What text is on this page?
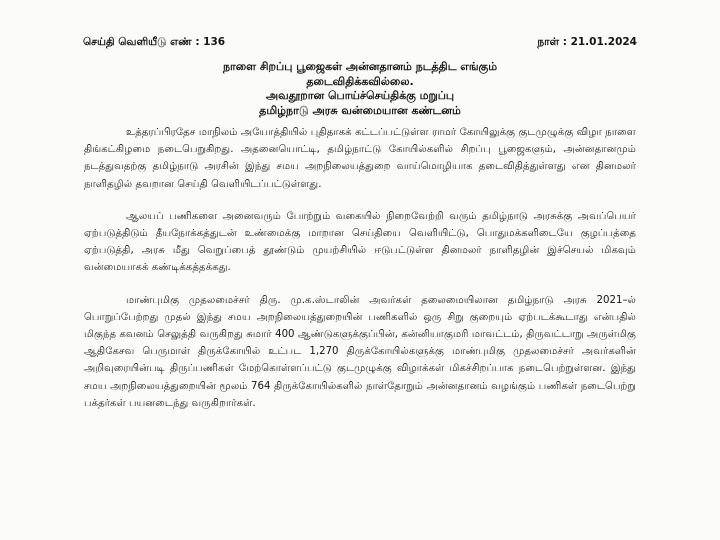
செய்தி வெளியீடு எண் : 136	நாள் : 21.01.2024
நாளை சிறப்பு பூஜைகள் அன்னதானம் நடத்திட எங்கும்
தடைவிதிக்கவில்லை.
அவதூறான பொய்ச்செய்திக்கு மறுப்பு
தமிழ்நாடு அரசு வன்மையான கண்டனம்

உத்தரப்பிரதேச மாநிலம் அயோத்தியில் புதிதாகக் கட்டப்பட்டுள்ள ராமர் கோயிலுக்கு குடமுழுக்கு விழா நாளை திங்கட்கிழமை நடைபெறுகிறது. அதனையொட்டி, தமிழ்நாட்டு கோயில்களில் சிறப்பு பூஜைகளும், அன்னதானமும் நடத்துவதற்கு தமிழ்நாடு அரசின் இந்து சமய அறநிலையத்துறை வாய்மொழியாக தடைவிதித்துள்ளது என தினமலர் நாளிதழில் தவறான செய்தி வெளியிடப்பட்டுள்ளது.

ஆலயப் பணிகளை அனைவரும் போற்றும் வகையில் நிறைவேற்றி வரும் தமிழ்நாடு அரசுக்கு அவப்பெயர் ஏற்படுத்திடும் தீயநோக்கத்துடன் உண்மைக்கு மாறான செய்தியை வெளியிட்டு, பொதுமக்களிடையே குழப்பத்தை ஏற்படுத்தி, அரசு மீது வெறுப்பைத் தூண்டும் முயற்சியில் ஈடுபட்டுள்ள தினமலர் நாளிதழின் இச்செயல் மிகவும் வன்மையாகக் கண்டிக்கத்தக்கது.

மாண்புமிகு முதலமைச்சர் திரு. மு.க.ஸ்டாலின் அவர்கள் தலைமையிலான தமிழ்நாடு அரசு 2021–ல் பொறுப்பேற்றது முதல் இந்து சமய அறநிலையத்துறையின் பணிகளில் ஒரு சிறு குறையும் ஏற்படக்கூடாது என்பதில் மிகுந்த கவனம் செலுத்தி வருகிறது சுமார் 400 ஆண்டுகளுக்குப்பின், கன்னியாகுமரி மாவட்டம், திருவட்டாறு அருள்மிகு ஆதிகேசவ பெருமாள் திருக்கோயில் உட்பட 1,270 திருக்கோயில்களுக்கு மாண்புமிகு முதலமைச்சர் அவர்களின் அறிவுரையின்படி திருப்பணிகள் மேற்கொள்ளப்பட்டு குடமுழுக்கு விழாக்கள் மிகச்சிறப்பாக நடைபெற்றுள்ளன. இந்து சமய அறநிலையத்துறையின் மூலம் 764 திருக்கோயில்களில் நாள்தோறும் அன்னதானம் வழங்கும் பணிகள் நடைபெற்று பக்தர்கள் பயனடைந்து வருகிறார்கள்.
